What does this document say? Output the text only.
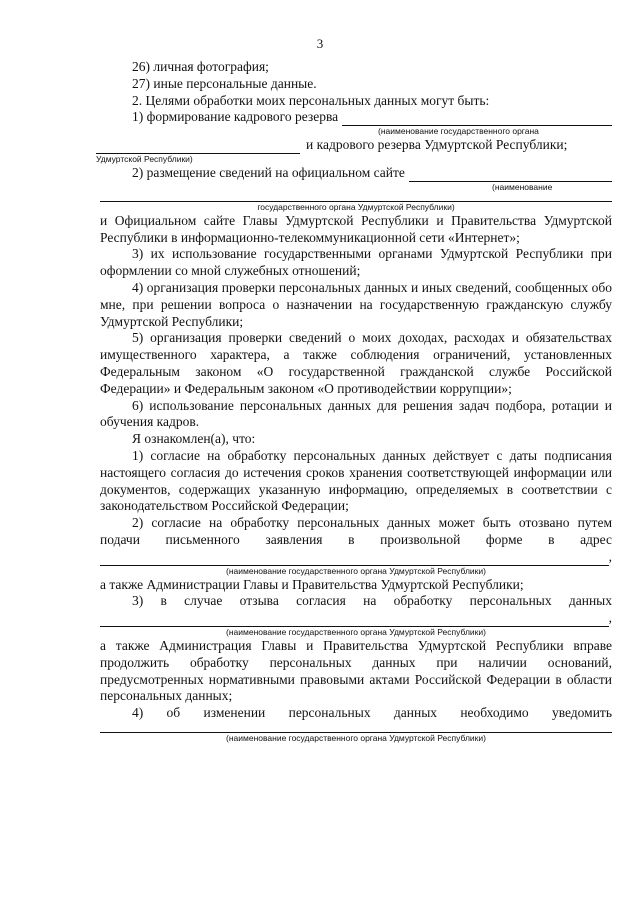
3

26) личная фотография;

27) иные персональные данные.

2. Целями обработки моих персональных данных могут быть:

1) формирование кадрового резерва
(наименование государственного органа
и кадрового резерва Удмуртской Республики;
Удмуртской Республики)
2) размещение сведений на официальном сайте
(наименование
государственного органа Удмуртской Республики)

и Официальном сайте Главы Удмуртской Республики и Правительства Удмуртской Республики в информационно-телекоммуникационной сети «Интернет»;

3) их использование государственными органами Удмуртской Республики при оформлении со мной служебных отношений;

4) организация проверки персональных данных и иных сведений, сообщенных обо мне, при решении вопроса о назначении на государственную гражданскую службу Удмуртской Республики;

5) организация проверки сведений о моих доходах, расходах и обязательствах имущественного характера, а также соблюдения ограничений, установленных Федеральным законом «О государственной гражданской службе Российской Федерации» и Федеральным законом «О противодействии коррупции»;

6) использование персональных данных для решения задач подбора, ротации и обучения кадров.

Я ознакомлен(а), что:

1) согласие на обработку персональных данных действует с даты подписания настоящего согласия до истечения сроков хранения соответствующей информации или документов, содержащих указанную информацию, определяемых в соответствии с законодательством Российской Федерации;

2) согласие на обработку персональных данных может быть отозвано путем подачи письменного заявления в произвольной форме в адрес

,
(наименование государственного органа Удмуртской Республики)

а также Администрации Главы и Правительства Удмуртской Республики;

3) в случае отзыва согласия на обработку персональных данных

,
(наименование государственного органа Удмуртской Республики)

а также Администрация Главы и Правительства Удмуртской Республики вправе продолжить обработку персональных данных при наличии оснований, предусмотренных нормативными правовыми актами Российской Федерации в области персональных данных;

4) об изменении персональных данных необходимо уведомить

(наименование государственного органа Удмуртской Республики)
